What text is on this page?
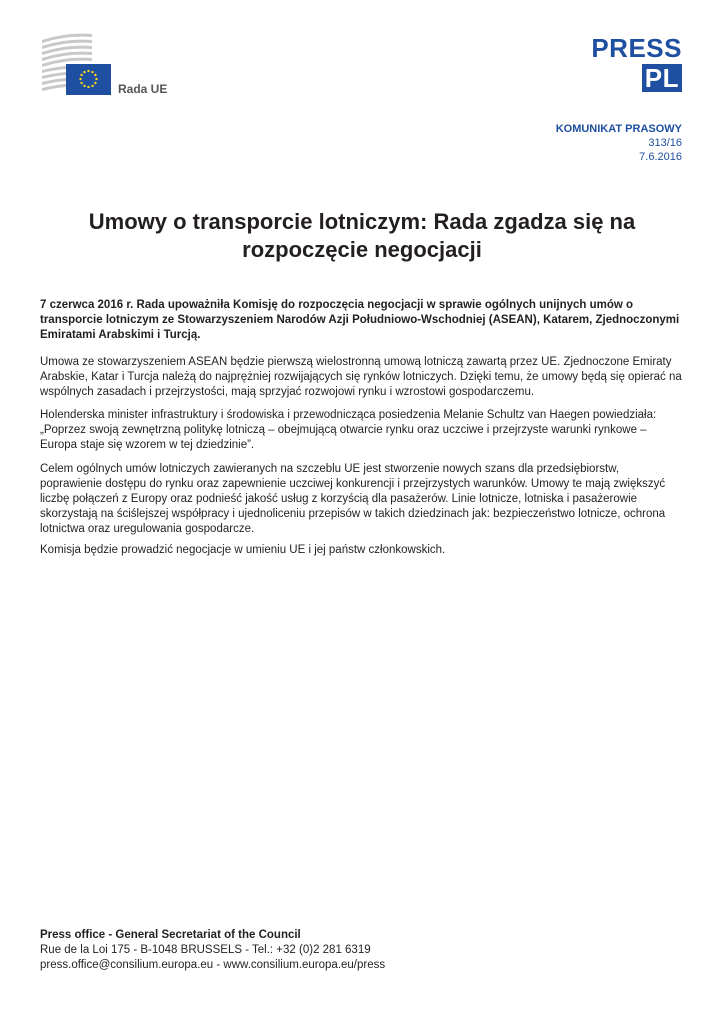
Rada UE
PRESS
PL
KOMUNIKAT PRASOWY
313/16
7.6.2016
Umowy o transporcie lotniczym: Rada zgadza się na rozpoczęcie negocjacji

7 czerwca 2016 r. Rada upoważniła Komisję do rozpoczęcia negocjacji w sprawie ogólnych unijnych umów o transporcie lotniczym ze Stowarzyszeniem Narodów Azji Południowo-Wschodniej (ASEAN), Katarem, Zjednoczonymi Emiratami Arabskimi i Turcją.

Umowa ze stowarzyszeniem ASEAN będzie pierwszą wielostronną umową lotniczą zawartą przez UE. Zjednoczone Emiraty Arabskie, Katar i Turcja należą do najprężniej rozwijających się rynków lotniczych. Dzięki temu, że umowy będą się opierać na wspólnych zasadach i przejrzystości, mają sprzyjać rozwojowi rynku i wzrostowi gospodarczemu.

Holenderska minister infrastruktury i środowiska i przewodnicząca posiedzenia Melanie Schultz van Haegen powiedziała: „Poprzez swoją zewnętrzną politykę lotniczą – obejmującą otwarcie rynku oraz uczciwe i przejrzyste warunki rynkowe – Europa staje się wzorem w tej dziedzinie”.

Celem ogólnych umów lotniczych zawieranych na szczeblu UE jest stworzenie nowych szans dla przedsiębiorstw, poprawienie dostępu do rynku oraz zapewnienie uczciwej konkurencji i przejrzystych warunków. Umowy te mają zwiększyć liczbę połączeń z Europy oraz podnieść jakość usług z korzyścią dla pasażerów. Linie lotnicze, lotniska i pasażerowie skorzystają na ściślejszej współpracy i ujednoliceniu przepisów w takich dziedzinach jak: bezpieczeństwo lotnicze, ochrona lotnictwa oraz uregulowania gospodarcze.

Komisja będzie prowadzić negocjacje w umieniu UE i jej państw członkowskich.

Press office - General Secretariat of the Council
Rue de la Loi 175 - B-1048 BRUSSELS - Tel.: +32 (0)2 281 6319
press.office@consilium.europa.eu - www.consilium.europa.eu/press
